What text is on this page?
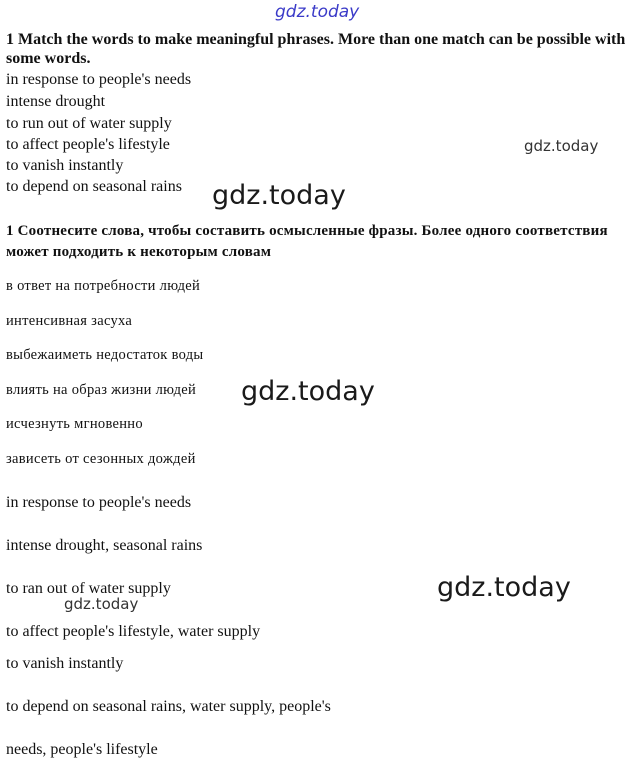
gdz.today
1 Match the words to make meaningful phrases. More than one match can be possible with some words.
in response to people's needs
intense drought
to run out of water supply
to affect people's lifestyle
to vanish instantly
to depend on seasonal rains
gdz.today
gdz.today
1 Соотнесите слова, чтобы составить осмысленные фразы. Более одного соответствия может подходить к некоторым словам
в ответ на потребности людей
интенсивная засуха
выбежаиметь недостаток воды
влиять на образ жизни людей
исчезнуть мгновенно
зависеть от сезонных дождей
gdz.today
in response to people's needs
intense drought, seasonal rains
to ran out of water supply
to affect people's lifestyle, water supply
to vanish instantly
to depend on seasonal rains, water supply, people's
needs, people's lifestyle
gdz.today
gdz.today
